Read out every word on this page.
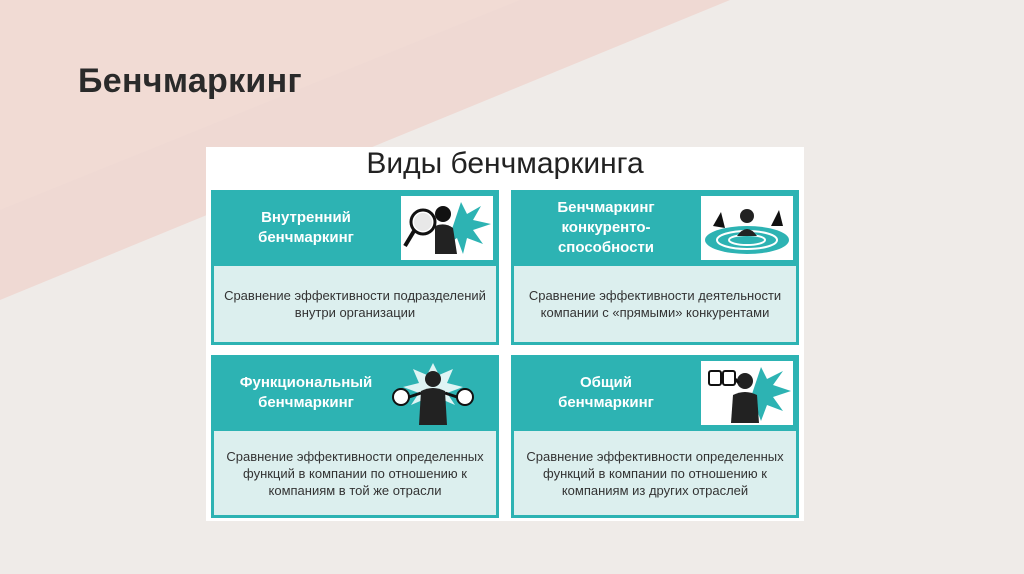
Бенчмаркинг
Виды бенчмаркинга
Внутренний
бенчмаркинг
Сравнение эффективности подразделений внутри организации
Бенчмаркинг
конкуренто-
способности
Сравнение эффективности деятельности компании с «прямыми» конкурентами
Функциональный
бенчмаркинг
Сравнение эффективности определенных функций в компании по отношению к компаниям в той же отрасли
Общий
бенчмаркинг
Сравнение эффективности определенных функций в компании по отношению к компаниям из других отраслей
